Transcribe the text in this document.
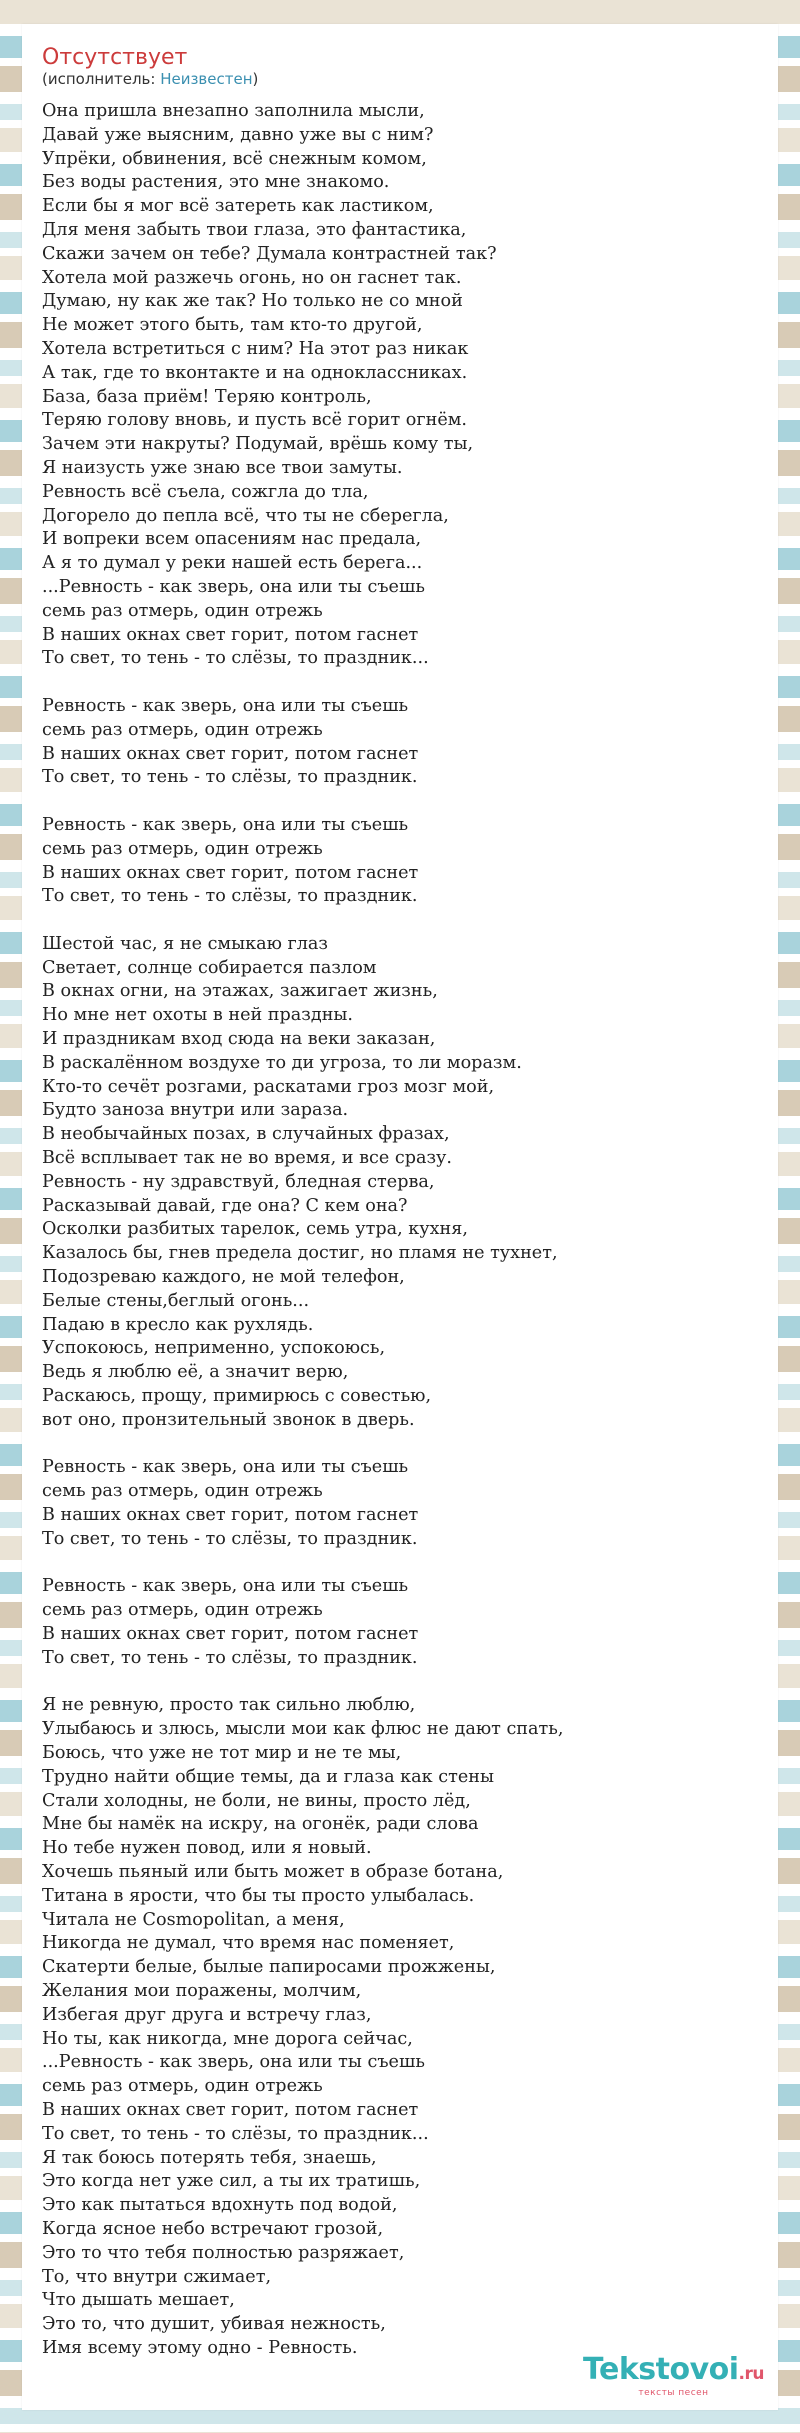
Отсутствует
(исполнитель: Неизвестен)
Она пришла внезапно заполнила мысли,
Давай уже выясним, давно уже вы с ним?
Упрёки, обвинения, всё снежным комом,
Без воды растения, это мне знакомо.
Если бы я мог всё затереть как ластиком,
Для меня забыть твои глаза, это фантастика,
Скажи зачем он тебе? Думала контрастней так?
Хотела мой разжечь огонь, но он гаснет так.
Думаю, ну как же так? Но только не со мной
Не может этого быть, там кто-то другой,
Хотела встретиться с ним? На этот раз никак
А так, где то вконтакте и на одноклассниках.
База, база приём! Теряю контроль,
Теряю голову вновь, и пусть всё горит огнём.
Зачем эти накруты? Подумай, врёшь кому ты,
Я наизусть уже знаю все твои замуты.
Ревность всё съела, сожгла до тла,
Догорело до пепла всё, что ты не сберегла,
И вопреки всем опасениям нас предала,
А я то думал у реки нашей есть берега...
...Ревность - как зверь, она или ты съешь
семь раз отмерь, один отрежь
В наших окнах свет горит, потом гаснет
То свет, то тень - то слёзы, то праздник...
Ревность - как зверь, она или ты съешь
семь раз отмерь, один отрежь
В наших окнах свет горит, потом гаснет
То свет, то тень - то слёзы, то праздник.
Ревность - как зверь, она или ты съешь
семь раз отмерь, один отрежь
В наших окнах свет горит, потом гаснет
То свет, то тень - то слёзы, то праздник.
Шестой час, я не смыкаю глаз
Светает, солнце собирается пазлом
В окнах огни, на этажах, зажигает жизнь,
Но мне нет охоты в ней праздны.
И праздникам вход сюда на веки заказан,
В раскалённом воздухе то ди угроза, то ли моразм.
Кто-то сечёт розгами, раскатами гроз мозг мой,
Будто заноза внутри или зараза.
В необычайных позах, в случайных фразах,
Всё всплывает так не во время, и все сразу.
Ревность - ну здравствуй, бледная стерва,
Расказывай давай, где она? С кем она?
Осколки разбитых тарелок, семь утра, кухня,
Казалось бы, гнев предела достиг, но пламя не тухнет,
Подозреваю каждого, не мой телефон,
Белые стены,беглый огонь...
Падаю в кресло как рухлядь.
Успокоюсь, неприменно, успокоюсь,
Ведь я люблю её, а значит верю,
Раскаюсь, прощу, примирюсь с совестью,
вот оно, пронзительный звонок в дверь.
Ревность - как зверь, она или ты съешь
семь раз отмерь, один отрежь
В наших окнах свет горит, потом гаснет
То свет, то тень - то слёзы, то праздник.
Ревность - как зверь, она или ты съешь
семь раз отмерь, один отрежь
В наших окнах свет горит, потом гаснет
То свет, то тень - то слёзы, то праздник.
Я не ревную, просто так сильно люблю,
Улыбаюсь и злюсь, мысли мои как флюс не дают спать,
Боюсь, что уже не тот мир и не те мы,
Трудно найти общие темы, да и глаза как стены
Стали холодны, не боли, не вины, просто лёд,
Мне бы намёк на искру, на огонёк, ради слова
Но тебе нужен повод, или я новый.
Хочешь пьяный или быть может в образе ботана,
Титана в ярости, что бы ты просто улыбалась.
Читала не Cosmopolitan, а меня,
Никогда не думал, что время нас поменяет,
Скатерти белые, былые папиросами прожжены,
Желания мои поражены, молчим,
Избегая друг друга и встречу глаз,
Но ты, как никогда, мне дорога сейчас,
...Ревность - как зверь, она или ты съешь
семь раз отмерь, один отрежь
В наших окнах свет горит, потом гаснет
То свет, то тень - то слёзы, то праздник...
Я так боюсь потерять тебя, знаешь,
Это когда нет уже сил, а ты их тратишь,
Это как пытаться вдохнуть под водой,
Когда ясное небо встречают грозой,
Это то что тебя полностью разряжает,
То, что внутри сжимает,
Что дышать мешает,
Это то, что душит, убивая нежность,
Имя всему этому одно - Ревность.
Tekstovoi.ru
тексты песен
